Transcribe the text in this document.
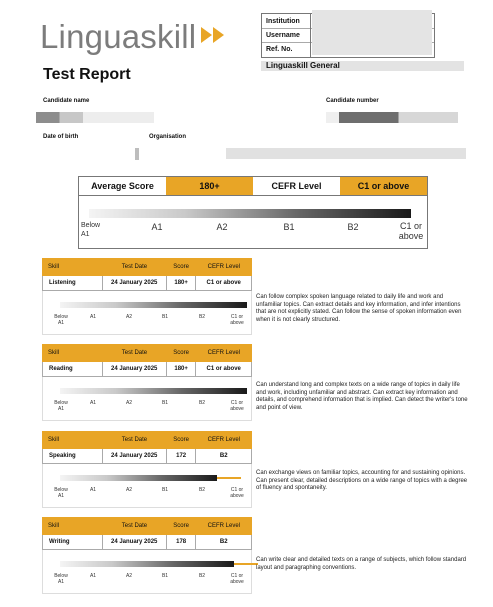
Linguaskill	Institution
Username
Ref. No.
Test Report
Linguaskill General
Candidate name	Candidate number
Date of birth	Organisation
Average Score	180+	CEFR Level	C1 or above
Below
A1
A1	A2	B1	B2	C1 or
above
Skill	Test Date	Score	CEFR Level
Listening	24 January 2025	180+	C1 or above
Below
A1
A1	A2	B1	B2	C1 or
above
Can follow complex spoken language related to daily life and work and unfamiliar topics. Can extract details and key information, and infer intentions that are not explicitly stated. Can follow the sense of spoken information even when it is not clearly structured.
Skill	Test Date	Score	CEFR Level
Reading	24 January 2025	180+	C1 or above
Below
A1
A1	A2	B1	B2	C1 or
above
Can understand long and complex texts on a wide range of topics in daily life and work, including unfamiliar and abstract. Can extract key information and details, and comprehend information that is implied. Can detect the writer's tone and point of view.
Skill	Test Date	Score	CEFR Level
Speaking	24 January 2025	172	B2
Below
A1
A1	A2	B1	B2	C1 or
above
Can exchange views on familiar topics, accounting for and sustaining opinions. Can present clear, detailed descriptions on a wide range of topics with a degree of fluency and spontaneity.
Skill	Test Date	Score	CEFR Level
Writing	24 January 2025	178	B2
Below
A1
A1	A2	B1	B2	C1 or
above
Can write clear and detailed texts on a range of subjects, which follow standard layout and paragraphing conventions.
